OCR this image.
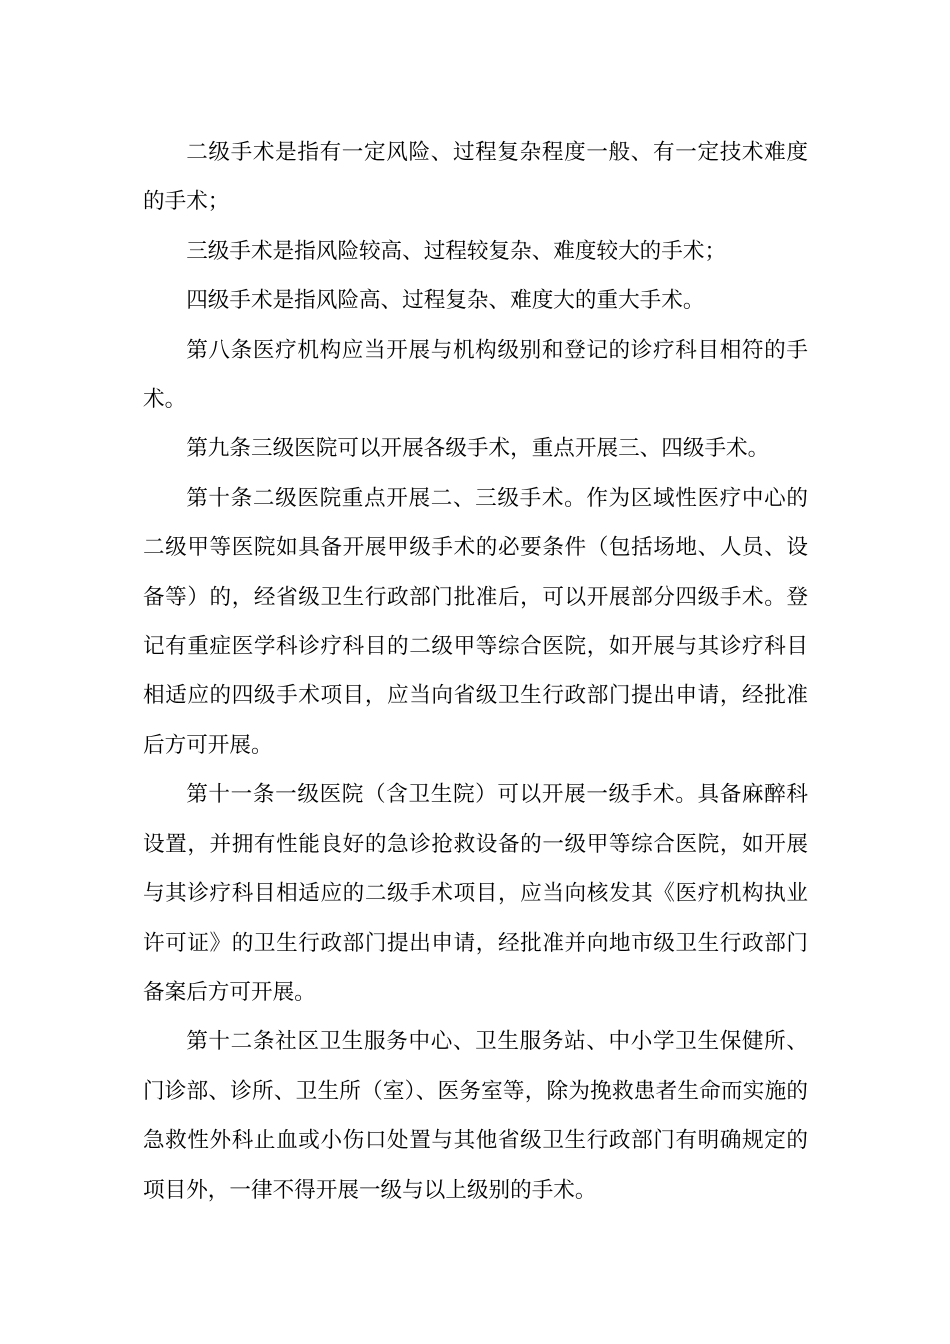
二级手术是指有一定风险、过程复杂程度一般、有一定技术难度的手术；

三级手术是指风险较高、过程较复杂、难度较大的手术；

四级手术是指风险高、过程复杂、难度大的重大手术。

第八条医疗机构应当开展与机构级别和登记的诊疗科目相符的手术。

第九条三级医院可以开展各级手术，重点开展三、四级手术。

第十条二级医院重点开展二、三级手术。作为区域性医疗中心的二级甲等医院如具备开展甲级手术的必要条件（包括场地、人员、设备等）的，经省级卫生行政部门批准后，可以开展部分四级手术。登记有重症医学科诊疗科目的二级甲等综合医院，如开展与其诊疗科目相适应的四级手术项目，应当向省级卫生行政部门提出申请，经批准后方可开展。

第十一条一级医院（含卫生院）可以开展一级手术。具备麻醉科设置，并拥有性能良好的急诊抢救设备的一级甲等综合医院，如开展与其诊疗科目相适应的二级手术项目，应当向核发其《医疗机构执业许可证》的卫生行政部门提出申请，经批准并向地市级卫生行政部门备案后方可开展。

第十二条社区卫生服务中心、卫生服务站、中小学卫生保健所、门诊部、诊所、卫生所（室）、医务室等，除为挽救患者生命而实施的急救性外科止血或小伤口处置与其他省级卫生行政部门有明确规定的项目外，一律不得开展一级与以上级别的手术。
